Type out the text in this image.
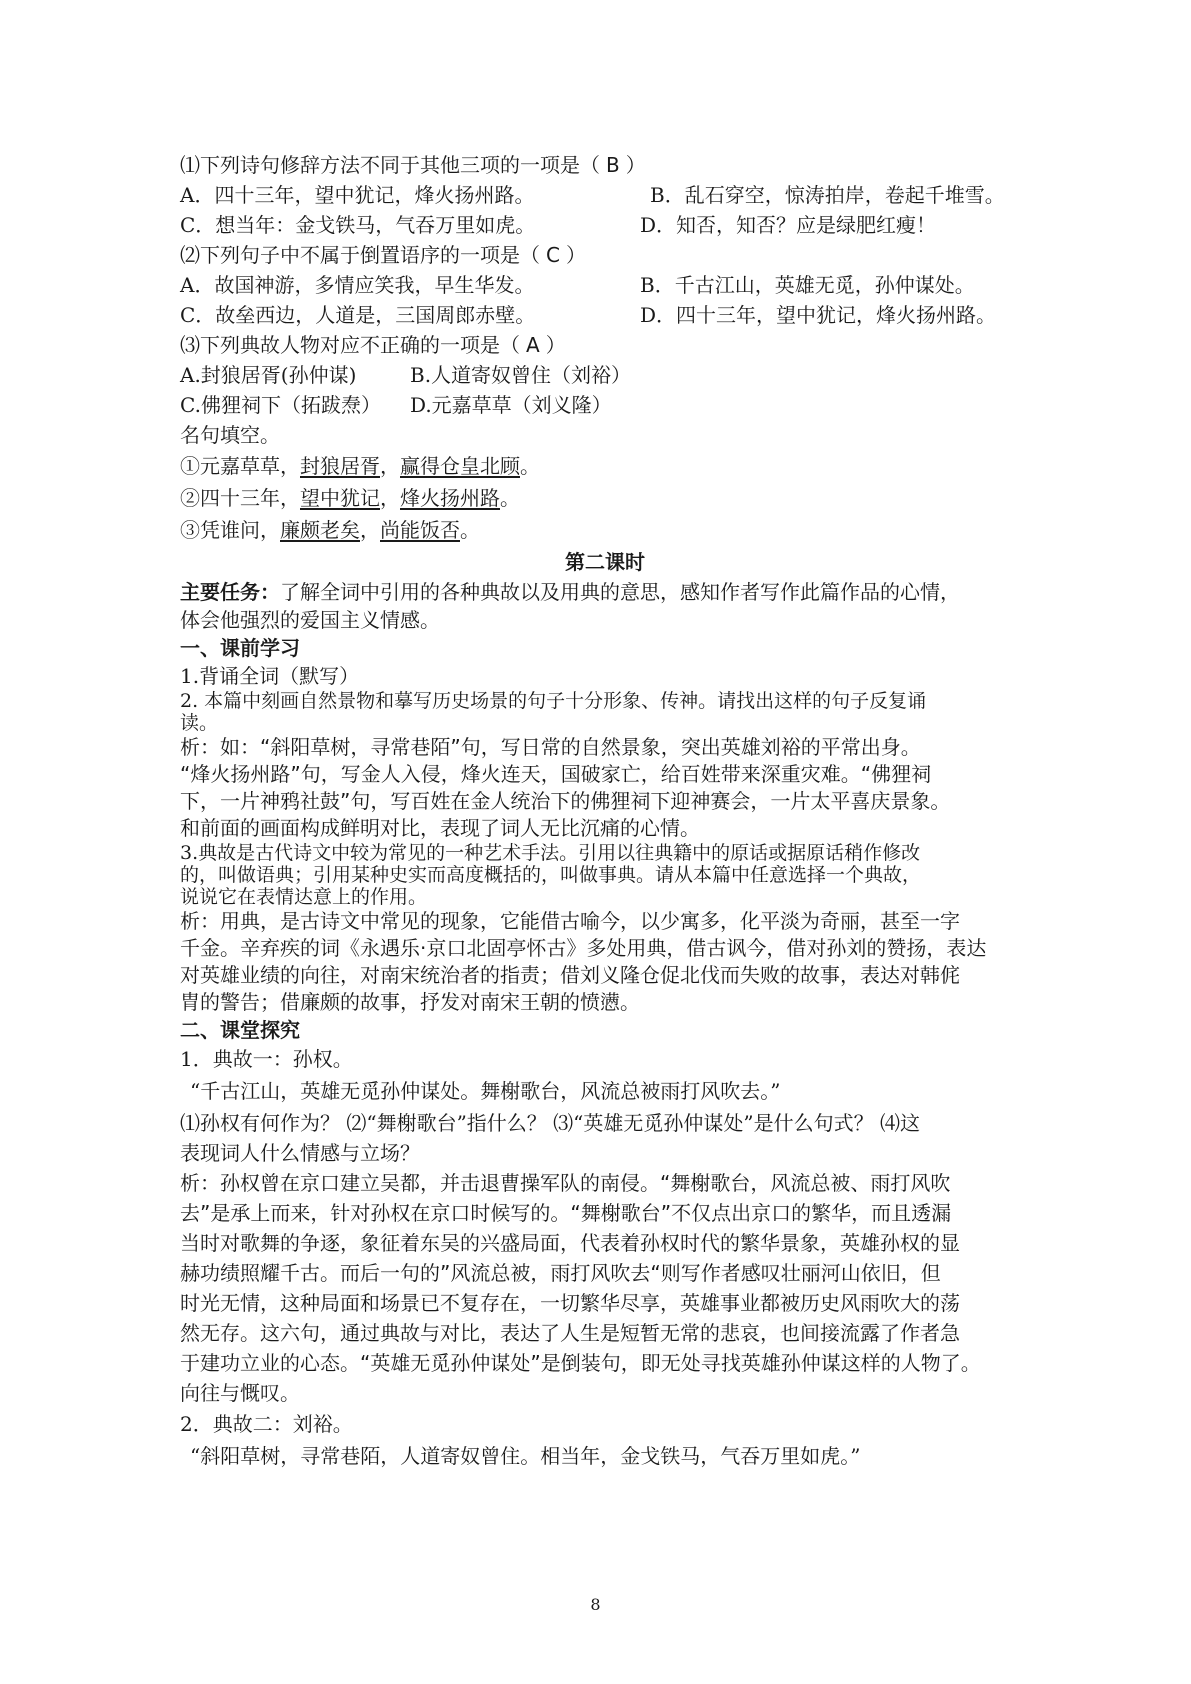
⑴下列诗句修辞方法不同于其他三项的一项是（ B ）
A．四十三年，望中犹记，烽火扬州路。	B．乱石穿空，惊涛拍岸，卷起千堆雪。
C．想当年：金戈铁马，气吞万里如虎。	D．知否，知否？应是绿肥红瘦！
⑵下列句子中不属于倒置语序的一项是（ C ）
A．故国神游，多情应笑我，早生华发。	B．千古江山，英雄无觅，孙仲谋处。
C．故垒西边，人道是，三国周郎赤壁。	D．四十三年，望中犹记，烽火扬州路。
⑶下列典故人物对应不正确的一项是（ A ）
A.封狼居胥(孙仲谋)	B.人道寄奴曾住（刘裕）
C.佛狸祠下（拓跋焘）	D.元嘉草草（刘义隆）
名句填空。
①元嘉草草，封狼居胥，赢得仓皇北顾。
②四十三年，望中犹记，烽火扬州路。
③凭谁问，廉颇老矣，尚能饭否。
第二课时
主要任务：了解全词中引用的各种典故以及用典的意思，感知作者写作此篇作品的心情，
体会他强烈的爱国主义情感。
一、课前学习
1.背诵全词（默写）
2. 本篇中刻画自然景物和摹写历史场景的句子十分形象、传神。请找出这样的句子反复诵
读。
析：如：“斜阳草树，寻常巷陌”句，写日常的自然景象，突出英雄刘裕的平常出身。
“烽火扬州路”句，写金人入侵，烽火连天，国破家亡，给百姓带来深重灾难。“佛狸祠
下，一片神鸦社鼓”句，写百姓在金人统治下的佛狸祠下迎神赛会，一片太平喜庆景象。
和前面的画面构成鲜明对比，表现了词人无比沉痛的心情。
3.典故是古代诗文中较为常见的一种艺术手法。引用以往典籍中的原话或据原话稍作修改
的，叫做语典；引用某种史实而高度概括的，叫做事典。请从本篇中任意选择一个典故，
说说它在表情达意上的作用。
析：用典，是古诗文中常见的现象，它能借古喻今，以少寓多，化平淡为奇丽，甚至一字
千金。辛弃疾的词《永遇乐·京口北固亭怀古》多处用典，借古讽今，借对孙刘的赞扬，表达
对英雄业绩的向往，对南宋统治者的指责；借刘义隆仓促北伐而失败的故事，表达对韩侂
胄的警告；借廉颇的故事，抒发对南宋王朝的愤懑。
二、课堂探究
1．典故一：孙权。
“千古江山，英雄无觅孙仲谋处。舞榭歌台，风流总被雨打风吹去。”
⑴孙权有何作为？ ⑵“舞榭歌台”指什么？ ⑶“英雄无觅孙仲谋处”是什么句式？ ⑷这
表现词人什么情感与立场？
析：孙权曾在京口建立吴都，并击退曹操军队的南侵。“舞榭歌台，风流总被、雨打风吹
去”是承上而来，针对孙权在京口时候写的。“舞榭歌台”不仅点出京口的繁华，而且透漏
当时对歌舞的争逐，象征着东吴的兴盛局面，代表着孙权时代的繁华景象，英雄孙权的显
赫功绩照耀千古。而后一句的”风流总被，雨打风吹去“则写作者感叹壮丽河山依旧，但
时光无情，这种局面和场景已不复存在，一切繁华尽享，英雄事业都被历史风雨吹大的荡
然无存。这六句，通过典故与对比，表达了人生是短暂无常的悲哀，也间接流露了作者急
于建功立业的心态。“英雄无觅孙仲谋处”是倒装句，即无处寻找英雄孙仲谋这样的人物了。
向往与慨叹。
2．典故二：刘裕。
“斜阳草树，寻常巷陌，人道寄奴曾住。相当年，金戈铁马，气吞万里如虎。”
8
